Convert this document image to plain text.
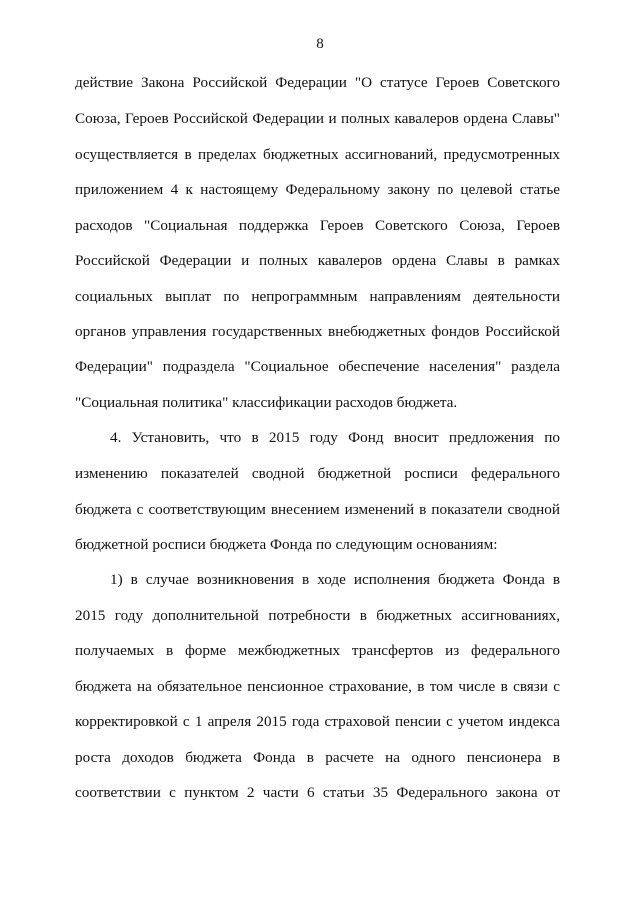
8
действие Закона Российской Федерации "О статусе Героев Советского
Союза, Героев Российской Федерации и полных кавалеров ордена Славы"
осуществляется в пределах бюджетных ассигнований, предусмотренных
приложением 4 к настоящему Федеральному закону по целевой статье
расходов "Социальная поддержка Героев Советского Союза, Героев
Российской Федерации и полных кавалеров ордена Славы в рамках
социальных выплат по непрограммным направлениям деятельности
органов управления государственных внебюджетных фондов Российской
Федерации" подраздела "Социальное обеспечение населения" раздела
"Социальная политика" классификации расходов бюджета.
4. Установить, что в 2015 году Фонд вносит предложения по
изменению показателей сводной бюджетной росписи федерального
бюджета с соответствующим внесением изменений в показатели сводной
бюджетной росписи бюджета Фонда по следующим основаниям:
1) в случае возникновения в ходе исполнения бюджета Фонда в
2015 году дополнительной потребности в бюджетных ассигнованиях,
получаемых в форме межбюджетных трансфертов из федерального
бюджета на обязательное пенсионное страхование, в том числе в связи с
корректировкой с 1 апреля 2015 года страховой пенсии с учетом индекса
роста доходов бюджета Фонда в расчете на одного пенсионера в
соответствии с пунктом 2 части 6 статьи 35 Федерального закона от
